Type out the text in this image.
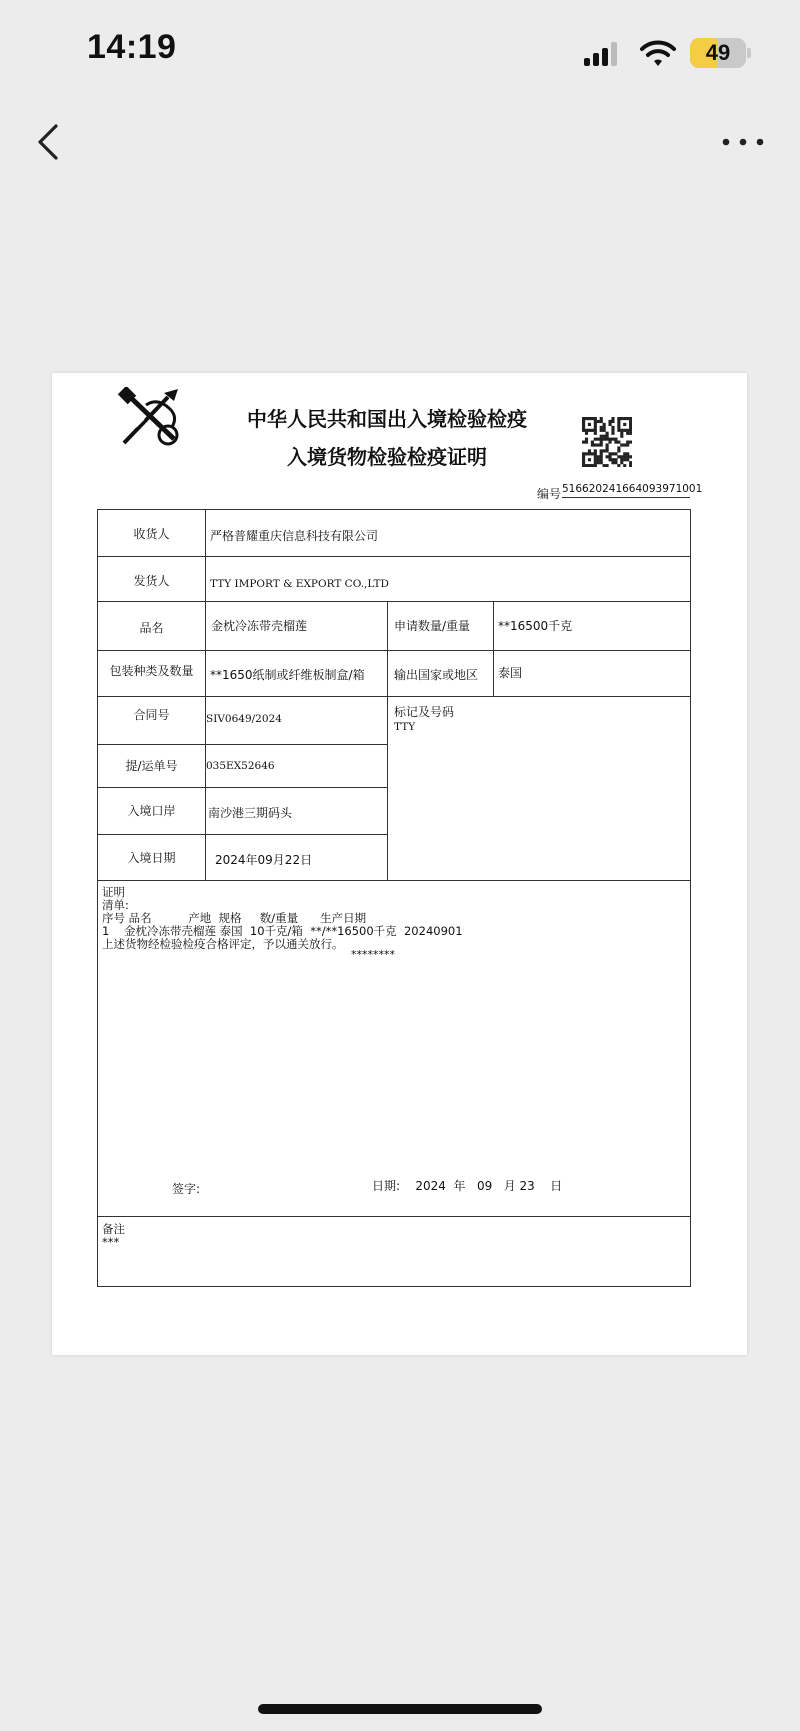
14:19	49
中华人民共和国出入境检验检疫
入境货物检验检疫证明
编号 516620241664093971001
收货人	严格普耀重庆信息科技有限公司
发货人	TTY IMPORT & EXPORT CO.,LTD
品名	金枕冷冻带壳榴莲	申请数量/重量 **16500千克
包装种类及数量	**1650纸制或纤维板制盒/箱 输出国家或地区 泰国
合同号	SIV0649/2024	标记及号码
TTY
提/运单号	035EX52646
入境口岸	南沙港三期码头
入境日期	2024年09月22日
证明
清单:
序号 品名          产地  规格     数/重量      生产日期
1    金枕冷冻带壳榴莲 泰国  10千克/箱  **/**16500千克  20240901
上述货物经检验检疫合格评定，予以通关放行。
********
签字:	日期: 2024 年 09 月 23 日
备注
***
